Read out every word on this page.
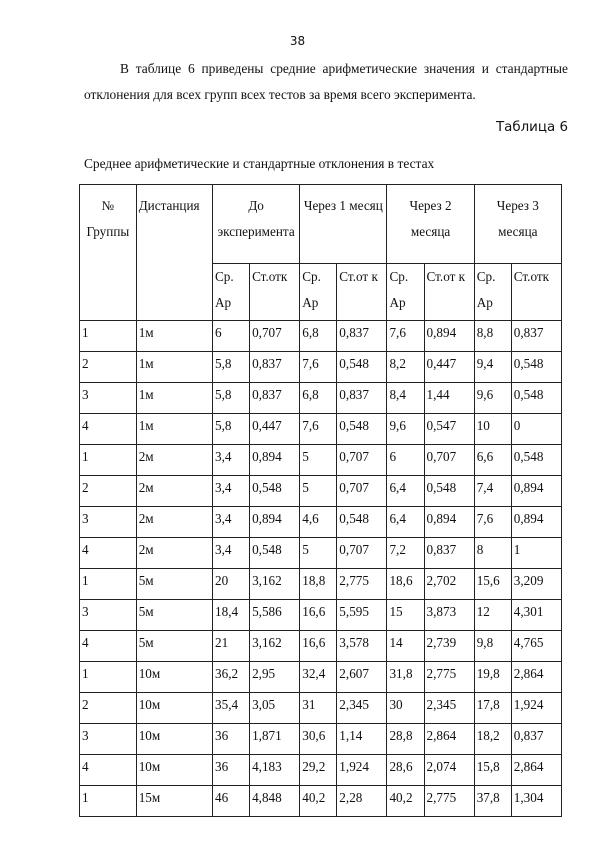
38

В таблице 6 приведены средние арифметические значения и стандартные отклонения для всех групп всех тестов за время всего эксперимента.

Таблица 6
Среднее арифметические и стандартные отклонения в тестах
№ Группы	Дистанция	До эксперимента		Через 1 месяц		Через 2 месяца		Через 3 месяца	
		Ср. Ар	Ст.отк	Ср. Ар	Ст.от к	Ср. Ар	Ст.от к	Ср. Ар	Ст.отк
1	1м	6	0,707	6,8	0,837	7,6	0,894	8,8	0,837
2	1м	5,8	0,837	7,6	0,548	8,2	0,447	9,4	0,548
3	1м	5,8	0,837	6,8	0,837	8,4	1,44	9,6	0,548
4	1м	5,8	0,447	7,6	0,548	9,6	0,547	10	0
1	2м	3,4	0,894	5	0,707	6	0,707	6,6	0,548
2	2м	3,4	0,548	5	0,707	6,4	0,548	7,4	0,894
3	2м	3,4	0,894	4,6	0,548	6,4	0,894	7,6	0,894
4	2м	3,4	0,548	5	0,707	7,2	0,837	8	1
1	5м	20	3,162	18,8	2,775	18,6	2,702	15,6	3,209
3	5м	18,4	5,586	16,6	5,595	15	3,873	12	4,301
4	5м	21	3,162	16,6	3,578	14	2,739	9,8	4,765
1	10м	36,2	2,95	32,4	2,607	31,8	2,775	19,8	2,864
2	10м	35,4	3,05	31	2,345	30	2,345	17,8	1,924
3	10м	36	1,871	30,6	1,14	28,8	2,864	18,2	0,837
4	10м	36	4,183	29,2	1,924	28,6	2,074	15,8	2,864
1	15м	46	4,848	40,2	2,28	40,2	2,775	37,8	1,304
